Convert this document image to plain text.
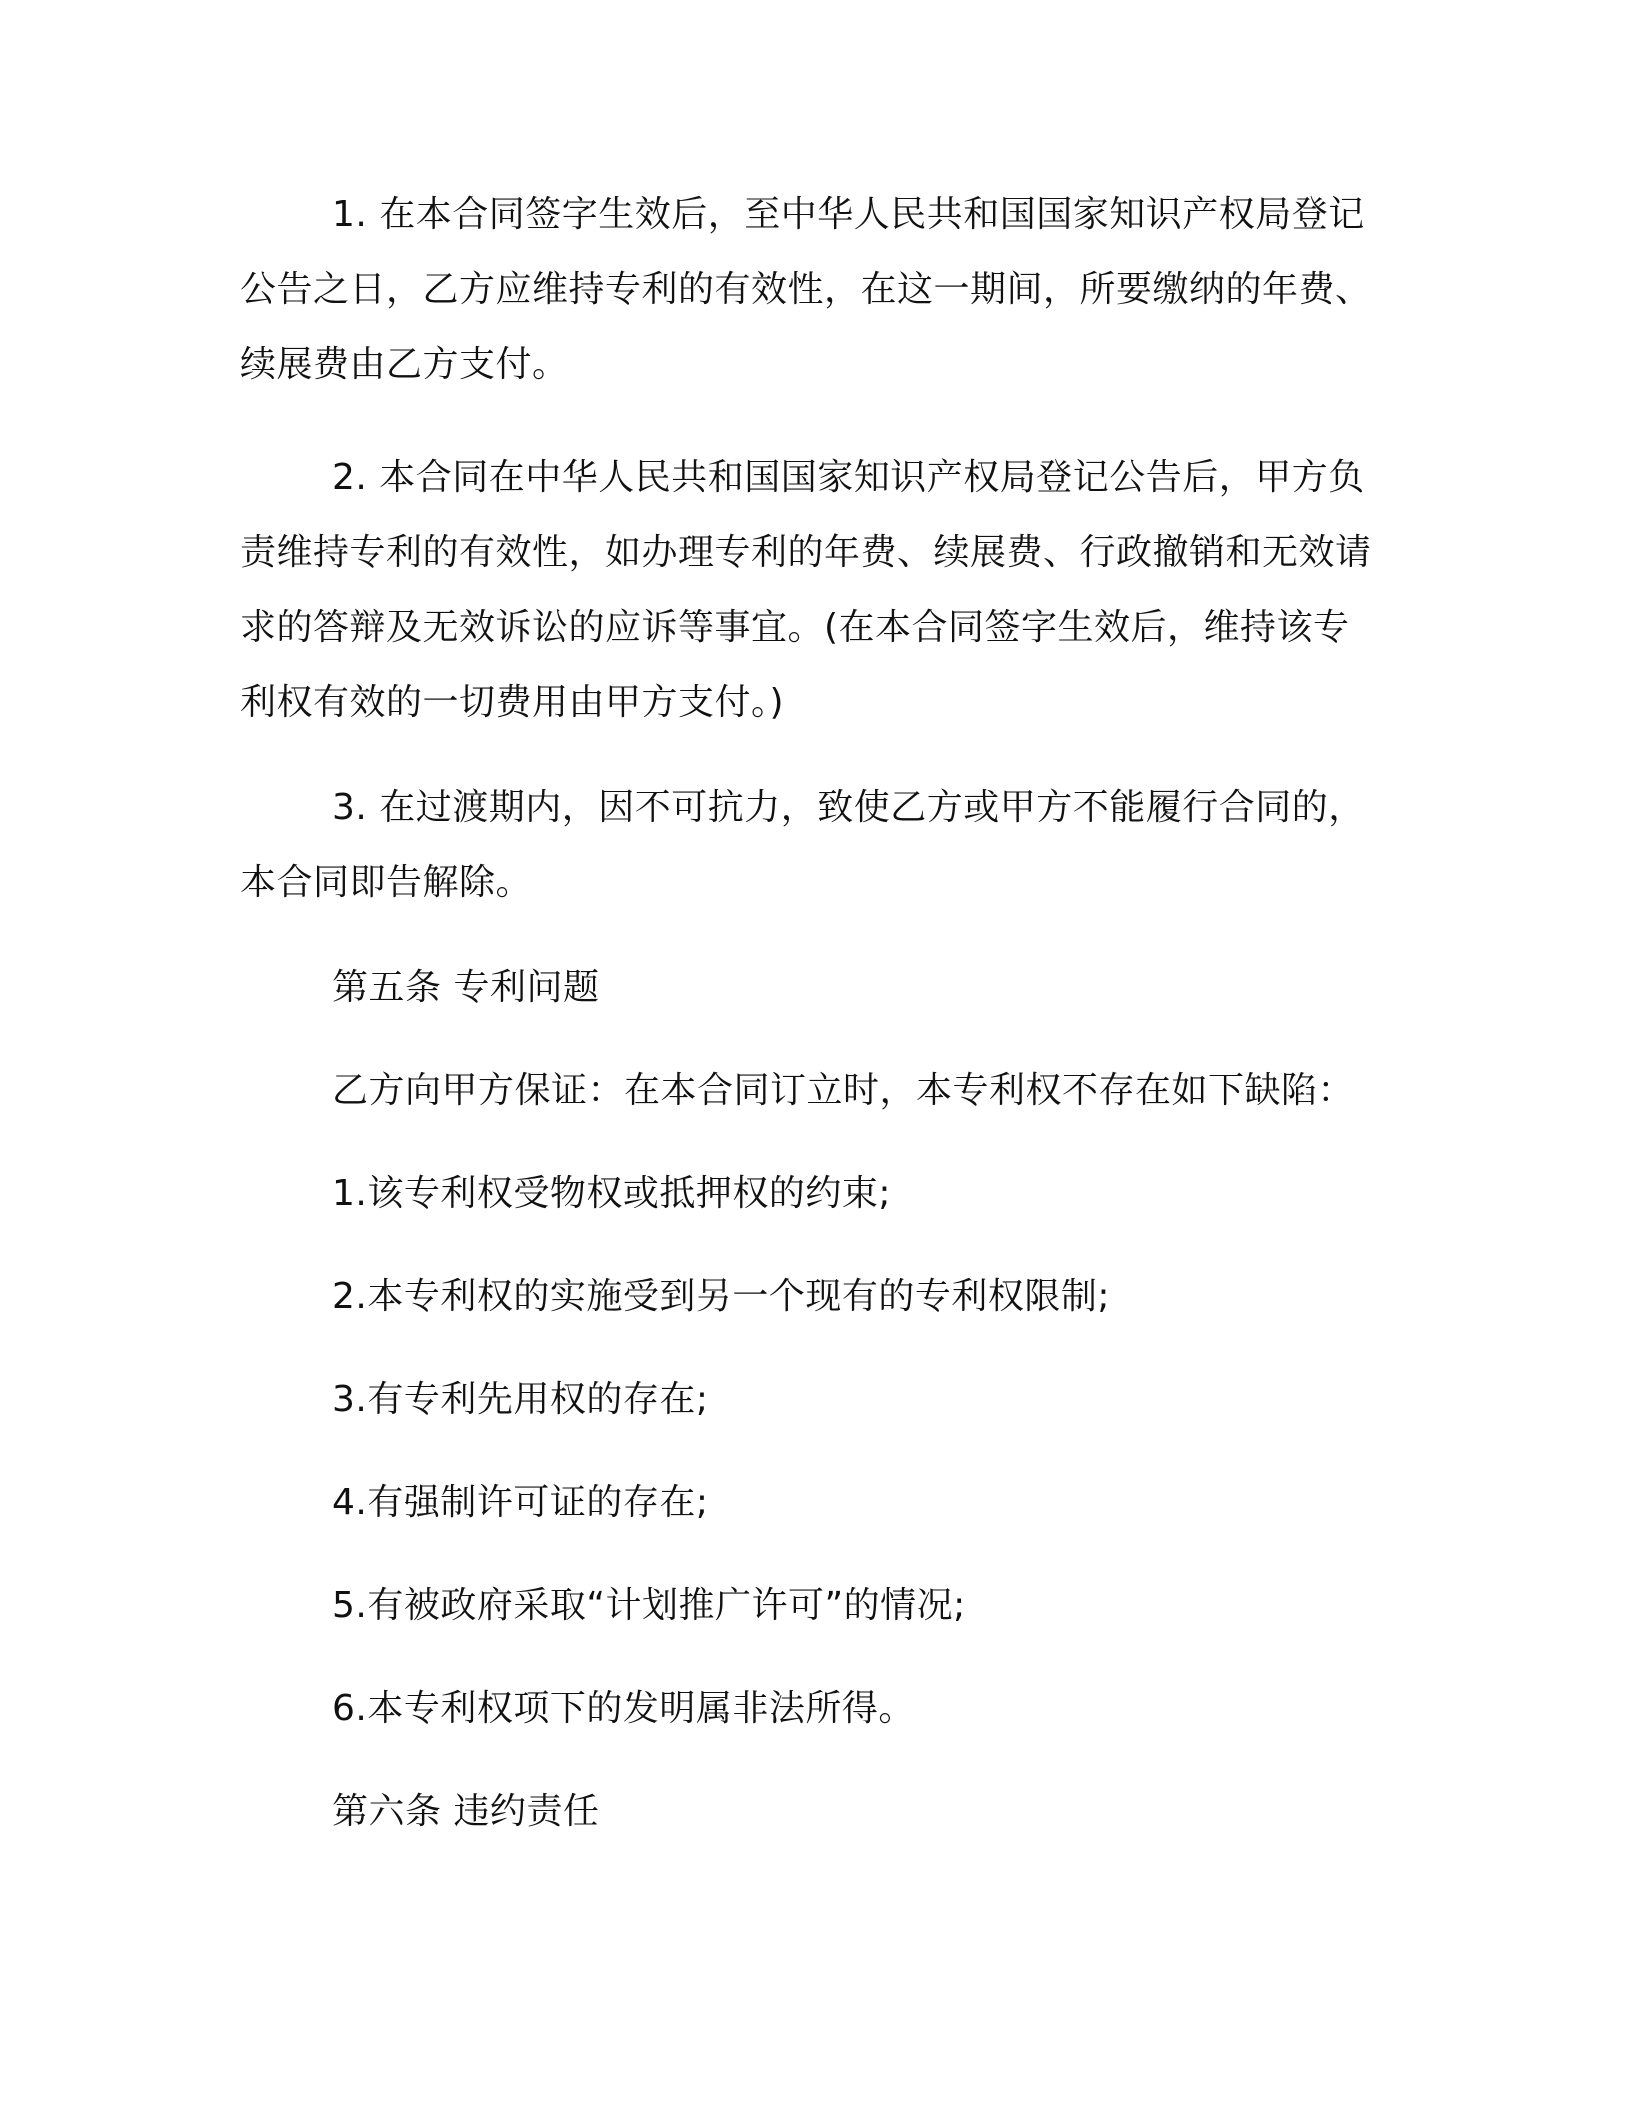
1. 在本合同签字生效后，至中华人民共和国国家知识产权局登记公告之日，乙方应维持专利的有效性，在这一期间，所要缴纳的年费、续展费由乙方支付。

2. 本合同在中华人民共和国国家知识产权局登记公告后，甲方负责维持专利的有效性，如办理专利的年费、续展费、行政撤销和无效请求的答辩及无效诉讼的应诉等事宜。(在本合同签字生效后，维持该专利权有效的一切费用由甲方支付。)

3. 在过渡期内，因不可抗力，致使乙方或甲方不能履行合同的，本合同即告解除。

第五条 专利问题

乙方向甲方保证：在本合同订立时，本专利权不存在如下缺陷：

1.该专利权受物权或抵押权的约束;

2.本专利权的实施受到另一个现有的专利权限制;

3.有专利先用权的存在;

4.有强制许可证的存在;

5.有被政府采取“计划推广许可”的情况;

6.本专利权项下的发明属非法所得。

第六条 违约责任
